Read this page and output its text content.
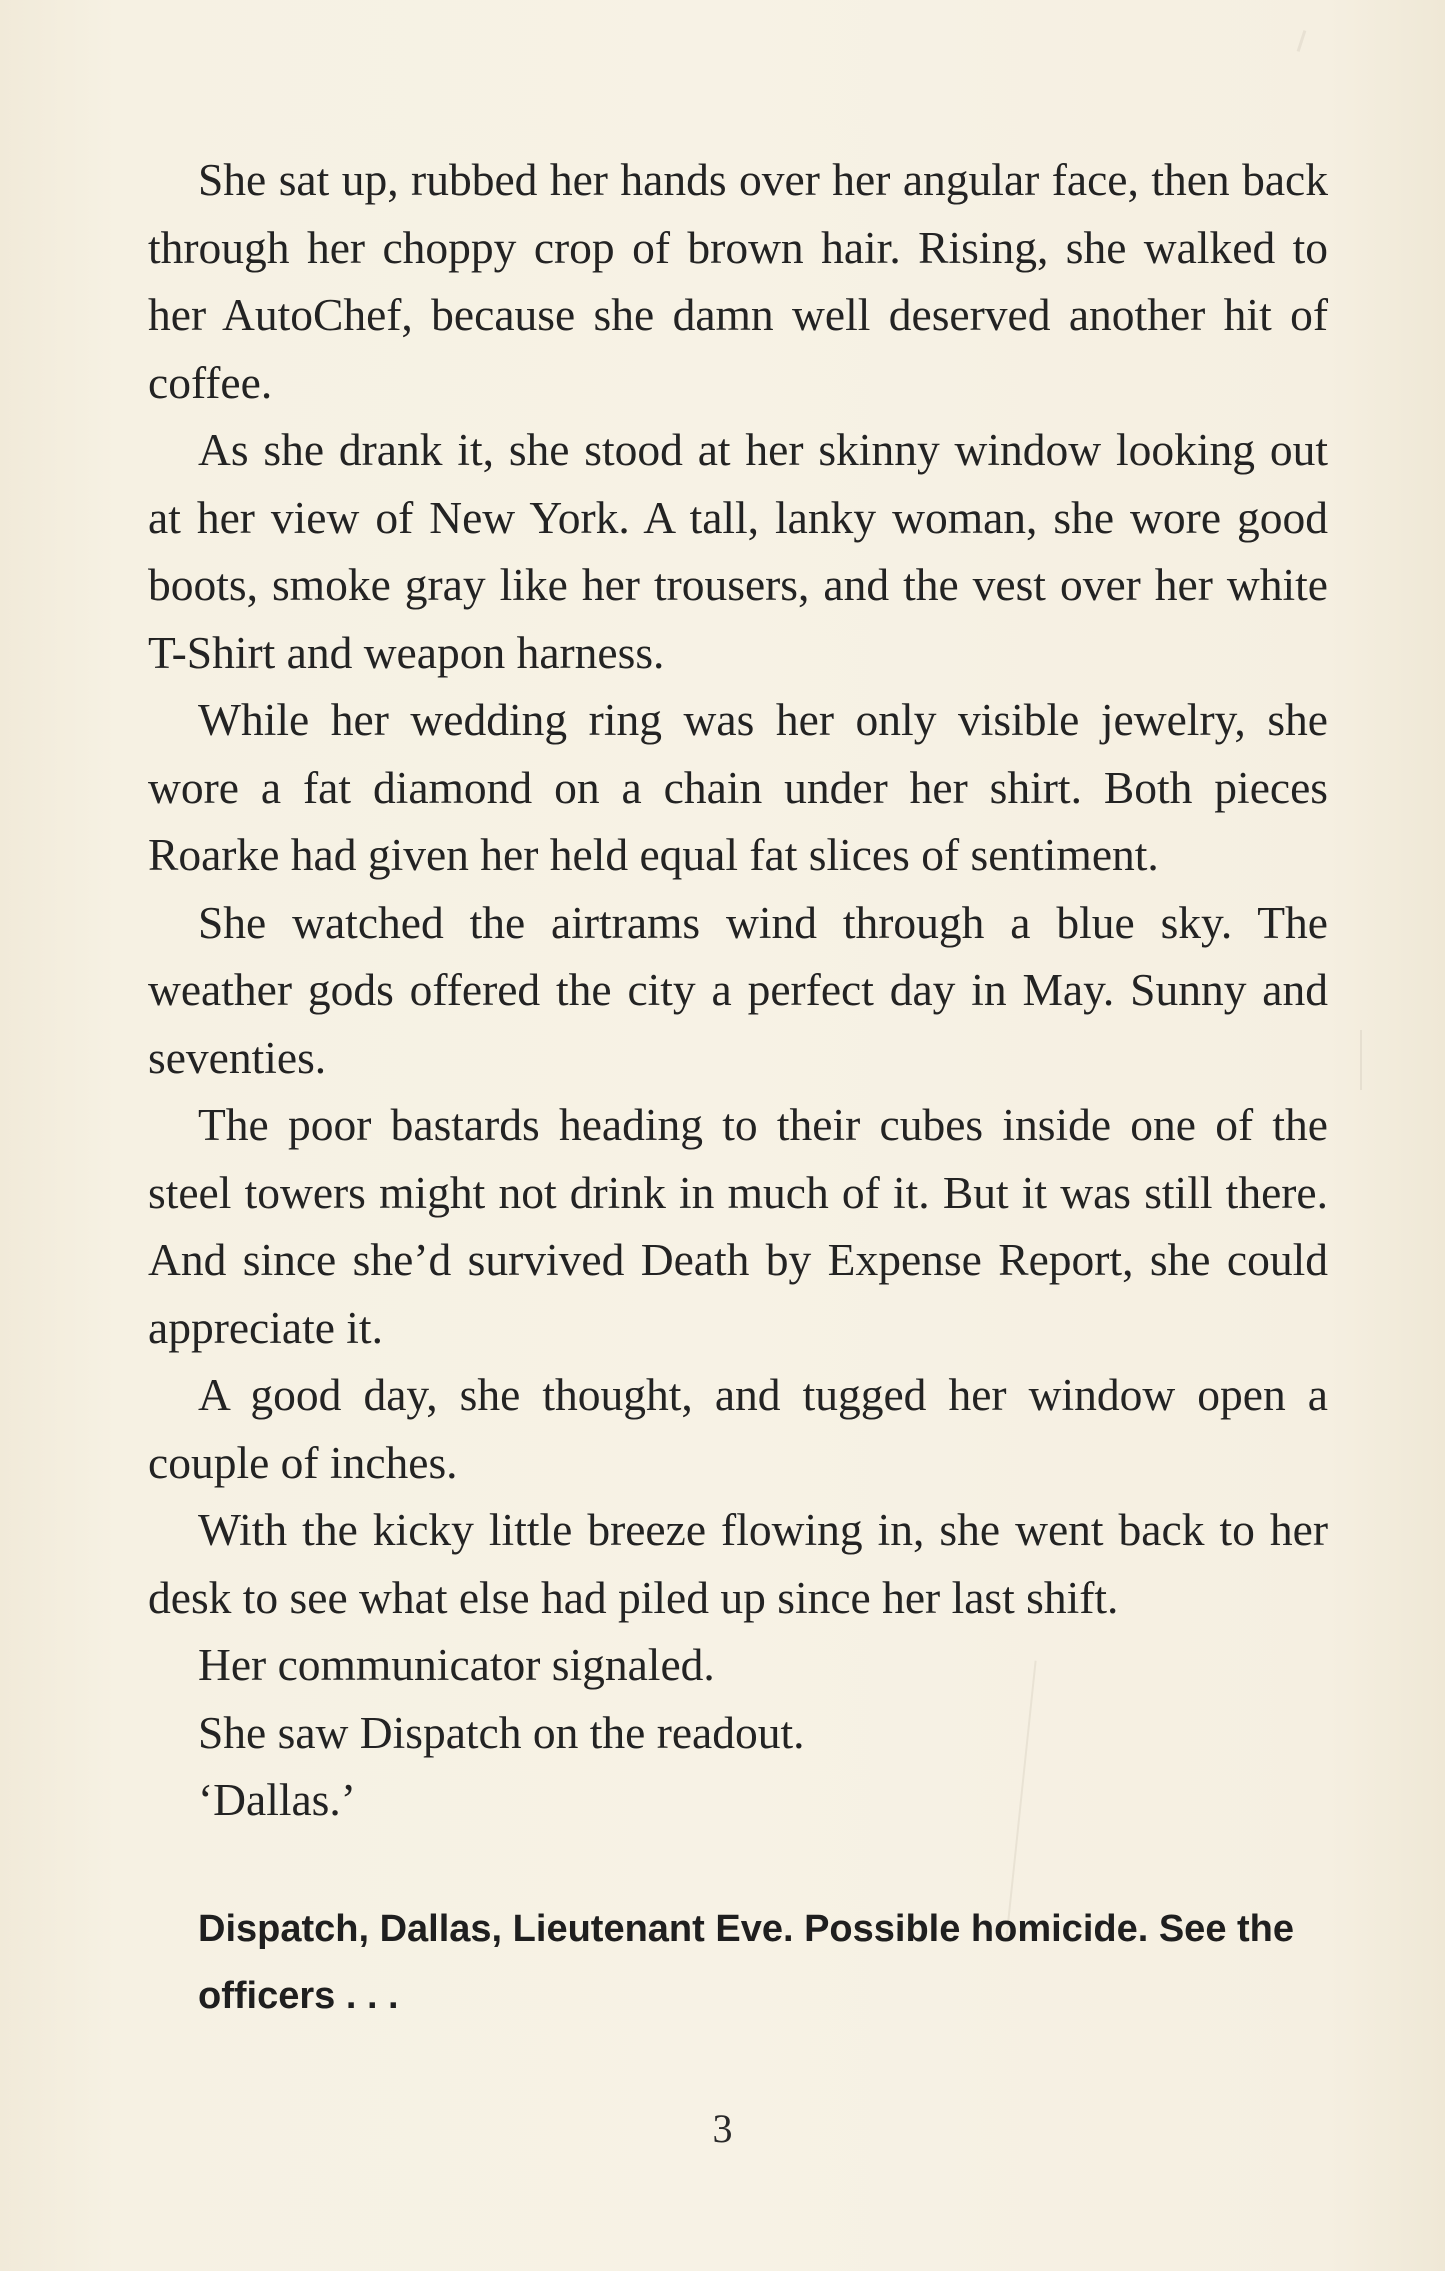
She sat up, rubbed her hands over her angular face, then back through her choppy crop of brown hair. Rising, she walked to her AutoChef, because she damn well deserved another hit of coffee.

As she drank it, she stood at her skinny window looking out at her view of New York. A tall, lanky woman, she wore good boots, smoke gray like her trousers, and the vest over her white T-Shirt and weapon harness.

While her wedding ring was her only visible jewelry, she wore a fat diamond on a chain under her shirt. Both pieces Roarke had given her held equal fat slices of sentiment.

She watched the airtrams wind through a blue sky. The weather gods offered the city a perfect day in May. Sunny and seventies.

The poor bastards heading to their cubes inside one of the steel towers might not drink in much of it. But it was still there. And since she’d survived Death by Expense Report, she could appreciate it.

A good day, she thought, and tugged her window open a couple of inches.

With the kicky little breeze flowing in, she went back to her desk to see what else had piled up since her last shift.

Her communicator signaled.

She saw Dispatch on the readout.

‘Dallas.’

Dispatch, Dallas, Lieutenant Eve. Possible homicide. See the officers . . .
3
